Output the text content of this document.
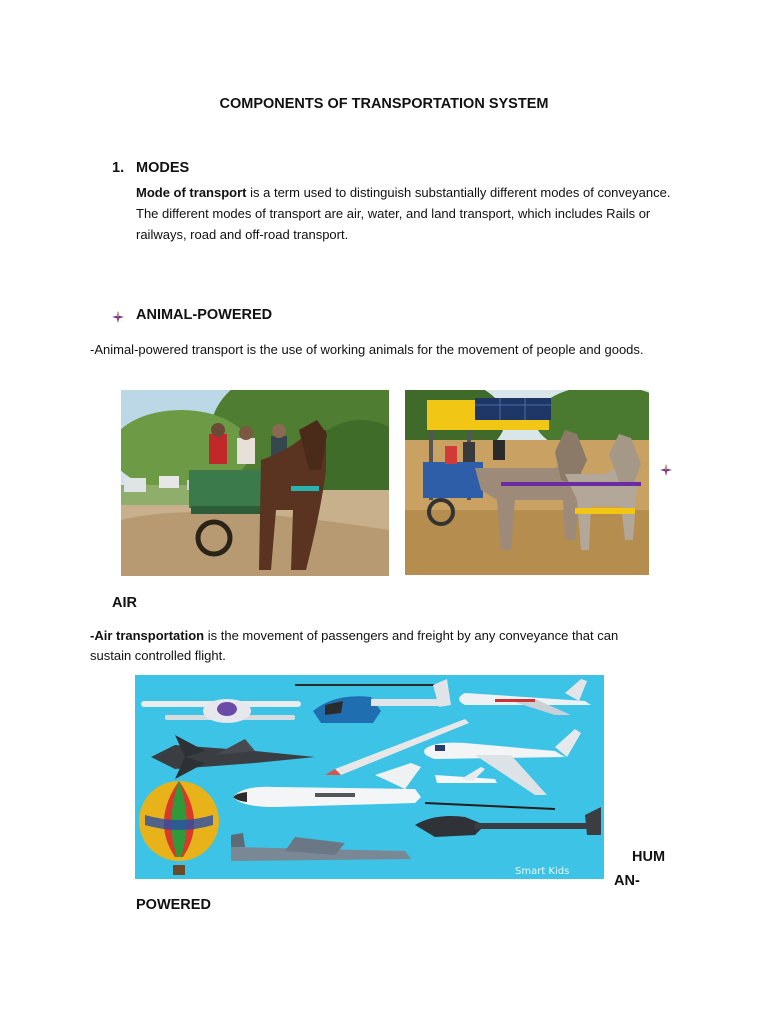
COMPONENTS OF TRANSPORTATION SYSTEM
1. MODES
Mode of transport is a term used to distinguish substantially different modes of conveyance. The different modes of transport are air, water, and land transport, which includes Rails or railways, road and off-road transport.
ANIMAL-POWERED
-Animal-powered transport is the use of working animals for the movement of people and goods.
AIR
-Air transportation is the movement of passengers and freight by any conveyance that can sustain controlled flight.
Smart Kids
HUM
AN-
POWERED
